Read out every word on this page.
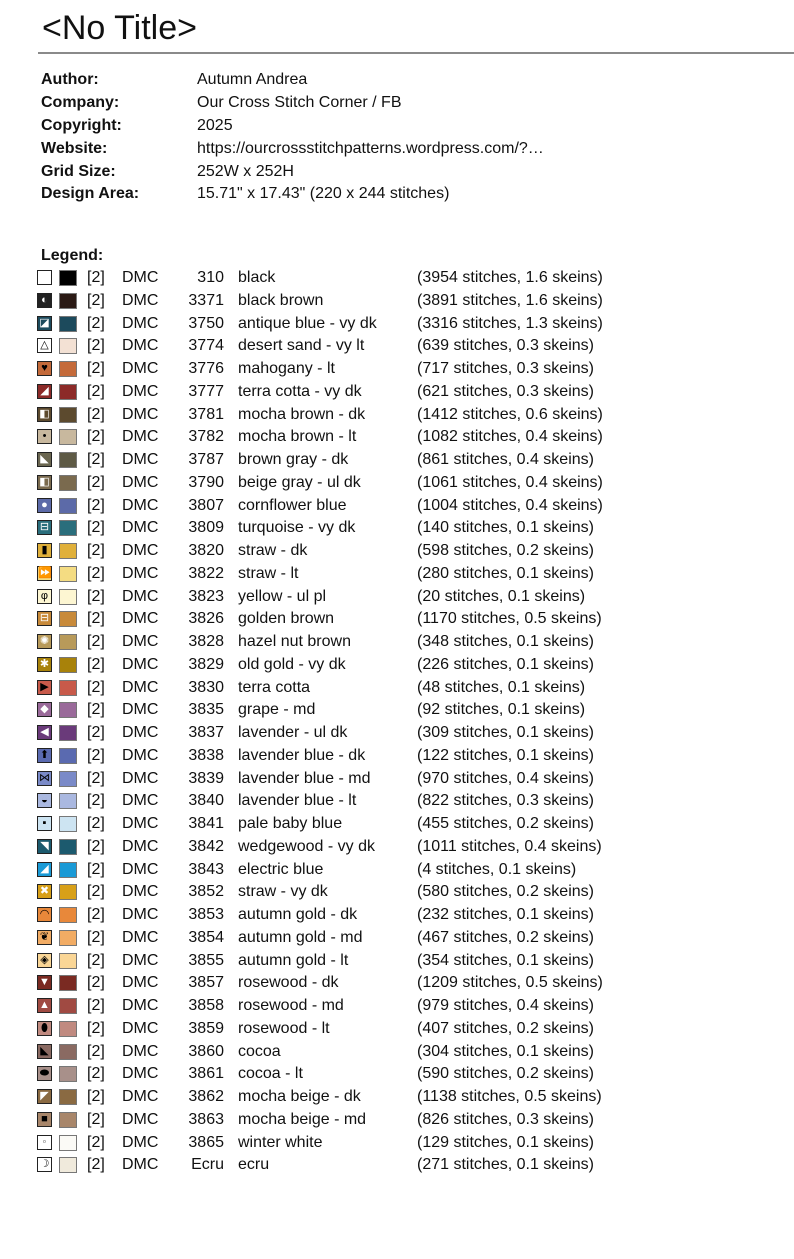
<No Title>
Author:	Autumn Andrea
Company:	Our Cross Stitch Corner / FB
Copyright:	2025
Website:	https://ourcrossstitchpatterns.wordpress.com/?…
Grid Size:	252W x 252H
Design Area:	15.71" x 17.43" (220 x 244 stitches)
Legend:
[2] DMC	310 black	(3954 stitches, 1.6 skeins)
◐ [2] DMC	3371 black brown	(3891 stitches, 1.6 skeins)
◪ [2] DMC	3750 antique blue - vy dk	(3316 stitches, 1.3 skeins)
△ [2] DMC	3774 desert sand - vy lt	(639 stitches, 0.3 skeins)
♥ [2] DMC	3776 mahogany - lt	(717 stitches, 0.3 skeins)
◢ [2] DMC	3777 terra cotta - vy dk	(621 stitches, 0.3 skeins)
◧ [2] DMC	3781 mocha brown - dk	(1412 stitches, 0.6 skeins)
•	[2] DMC	3782 mocha brown - lt	(1082 stitches, 0.4 skeins)
◣ [2] DMC	3787 brown gray - dk	(861 stitches, 0.4 skeins)
◧ [2] DMC	3790 beige gray - ul dk	(1061 stitches, 0.4 skeins)
● [2] DMC	3807 cornflower blue	(1004 stitches, 0.4 skeins)
⊟ [2] DMC	3809 turquoise - vy dk	(140 stitches, 0.1 skeins)
▮ [2] DMC	3820 straw - dk	(598 stitches, 0.2 skeins)
⏩ [2] DMC	3822 straw - lt	(280 stitches, 0.1 skeins)
φ [2] DMC	3823 yellow - ul pl	(20 stitches, 0.1 skeins)
⊟ [2] DMC	3826 golden brown	(1170 stitches, 0.5 skeins)
✺ [2] DMC	3828 hazel nut brown	(348 stitches, 0.1 skeins)
✱ [2] DMC	3829 old gold - vy dk	(226 stitches, 0.1 skeins)
▶ [2] DMC	3830 terra cotta	(48 stitches, 0.1 skeins)
◆ [2] DMC	3835 grape - md	(92 stitches, 0.1 skeins)
◀ [2] DMC	3837 lavender - ul dk	(309 stitches, 0.1 skeins)
⬆ [2] DMC	3838 lavender blue - dk	(122 stitches, 0.1 skeins)
⋈ [2] DMC	3839 lavender blue - md	(970 stitches, 0.4 skeins)
◒ [2] DMC	3840 lavender blue - lt	(822 stitches, 0.3 skeins)
▪	[2] DMC	3841 pale baby blue	(455 stitches, 0.2 skeins)
◥ [2] DMC	3842 wedgewood - vy dk	(1011 stitches, 0.4 skeins)
◢ [2] DMC	3843 electric blue	(4 stitches, 0.1 skeins)
✖ [2] DMC	3852 straw - vy dk	(580 stitches, 0.2 skeins)
◠ [2] DMC	3853 autumn gold - dk	(232 stitches, 0.1 skeins)
❦ [2] DMC	3854 autumn gold - md	(467 stitches, 0.2 skeins)
◈ [2] DMC	3855 autumn gold - lt	(354 stitches, 0.1 skeins)
▼ [2] DMC	3857 rosewood - dk	(1209 stitches, 0.5 skeins)
▲ [2] DMC	3858 rosewood - md	(979 stitches, 0.4 skeins)
⬮ [2] DMC	3859 rosewood - lt	(407 stitches, 0.2 skeins)
◣ [2] DMC	3860 cocoa	(304 stitches, 0.1 skeins)
⬬ [2] DMC	3861 cocoa - lt	(590 stitches, 0.2 skeins)
◤ [2] DMC	3862 mocha beige - dk	(1138 stitches, 0.5 skeins)
■ [2] DMC	3863 mocha beige - md	(826 stitches, 0.3 skeins)
◦	[2] DMC	3865 winter white	(129 stitches, 0.1 skeins)
☽ [2] DMC	Ecru ecru	(271 stitches, 0.1 skeins)
